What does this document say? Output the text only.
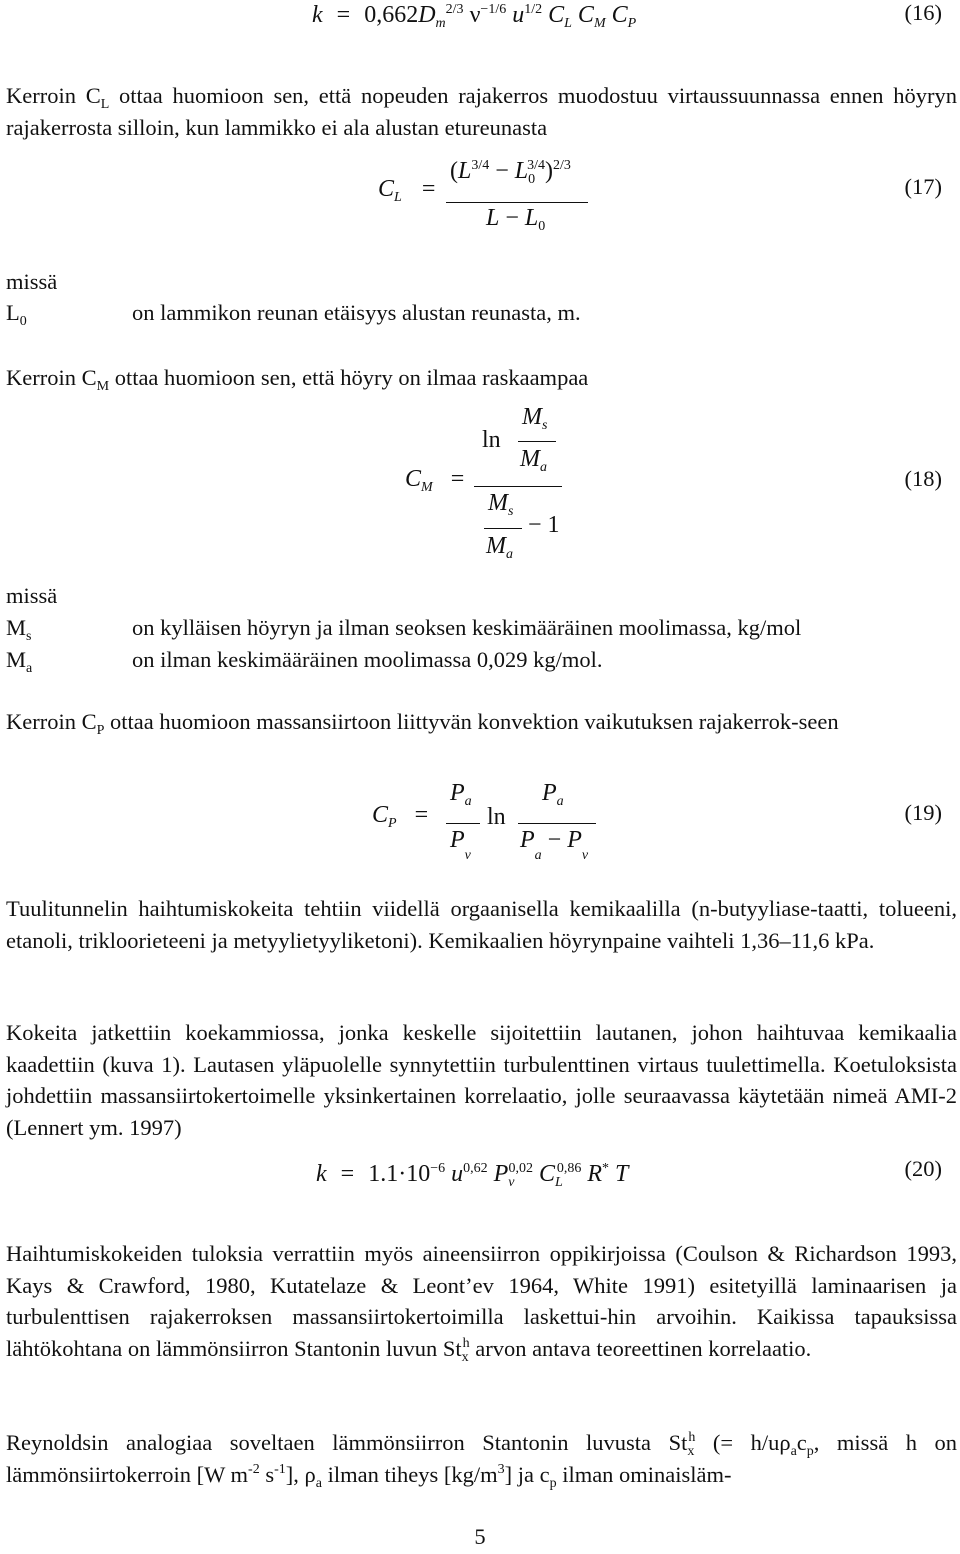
$k = 0,662D_m^{2/3}$ $\nu^{-1/6}$ $u^{1/2}$ $C_L$ $C_M$ $C_P$	(16)

Kerroin $C_L$ ottaa huomioon sen, että nopeuden rajakerros muodostuu virtaussuunnassa ennen höyryn rajakerrosta silloin, kun lammikko ei ala alustan etureunasta

$C_L$ =
$(L^{3/4} - L_0^{3/4})^{2/3}$
$L - L_0$
(17)
missä
$L_0$	on lammikon reunan etäisyys alustan reunasta, m.

Kerroin $C_M$ ottaa huomioon sen, että höyry on ilmaa raskaampaa

$C_M$ =
ln
$M_s$
$M_a$
$M_s$
$M_a$
− 1
(18)
missä
$M_s$	on kylläisen höyryn ja ilman seoksen keskimääräinen moolimassa, kg/mol
$M_a$	on ilman keskimääräinen moolimassa 0,029 kg/mol.

Kerroin $C_P$ ottaa huomioon massansiirtoon liittyvän konvektion vaikutuksen rajakerrok-seen

$C_P$ =
$P_a$
$P_v$
ln
$P_a$
$P_a - P_v$
(19)

Tuulitunnelin haihtumiskokeita tehtiin viidellä orgaanisella kemikaalilla (n-butyyliase-taatti, tolueeni, etanoli, trikloorieteeni ja metyylietyyliketoni). Kemikaalien höyrynpaine vaihteli 1,36–11,6 kPa.

Kokeita jatkettiin koekammiossa, jonka keskelle sijoitettiin lautanen, johon haihtuvaa kemikaalia kaadettiin (kuva 1). Lautasen yläpuolelle synnytettiin turbulenttinen virtaus tuulettimella. Koetuloksista johdettiin massansiirtokertoimelle yksinkertainen korrelaatio, jolle seuraavassa käytetään nimeä AMI-2 (Lennert ym. 1997)

$k = 1.1\cdot 10^{-6}$ $u^{0,62}$ $P_v^{0,02}$ $C_L^{0,86}$ R* T	(20)

Haihtumiskokeiden tuloksia verrattiin myös aineensiirron oppikirjoissa (Coulson & Richardson 1993, Kays & Crawford, 1980, Kutatelaze & Leont’ev 1964, White 1991) esitetyillä laminaarisen ja turbulenttisen rajakerroksen massansiirtokertoimilla laskettui-hin arvoihin. Kaikissa tapauksissa lähtökohtana on lämmönsiirron Stantonin luvun $St_x^h$ arvon antava teoreettinen korrelaatio.

Reynoldsin analogiaa soveltaen lämmönsiirron Stantonin luvusta $St_x^h$ (= $h/u\rho_ac_p$, missä h on lämmönsiirtokerroin [W $m^{-2}$ $s^{-1}$], $\rho_a$ ilman tiheys $[kg/m^3]$ ja $c_p$ ilman ominaisläm-

5
